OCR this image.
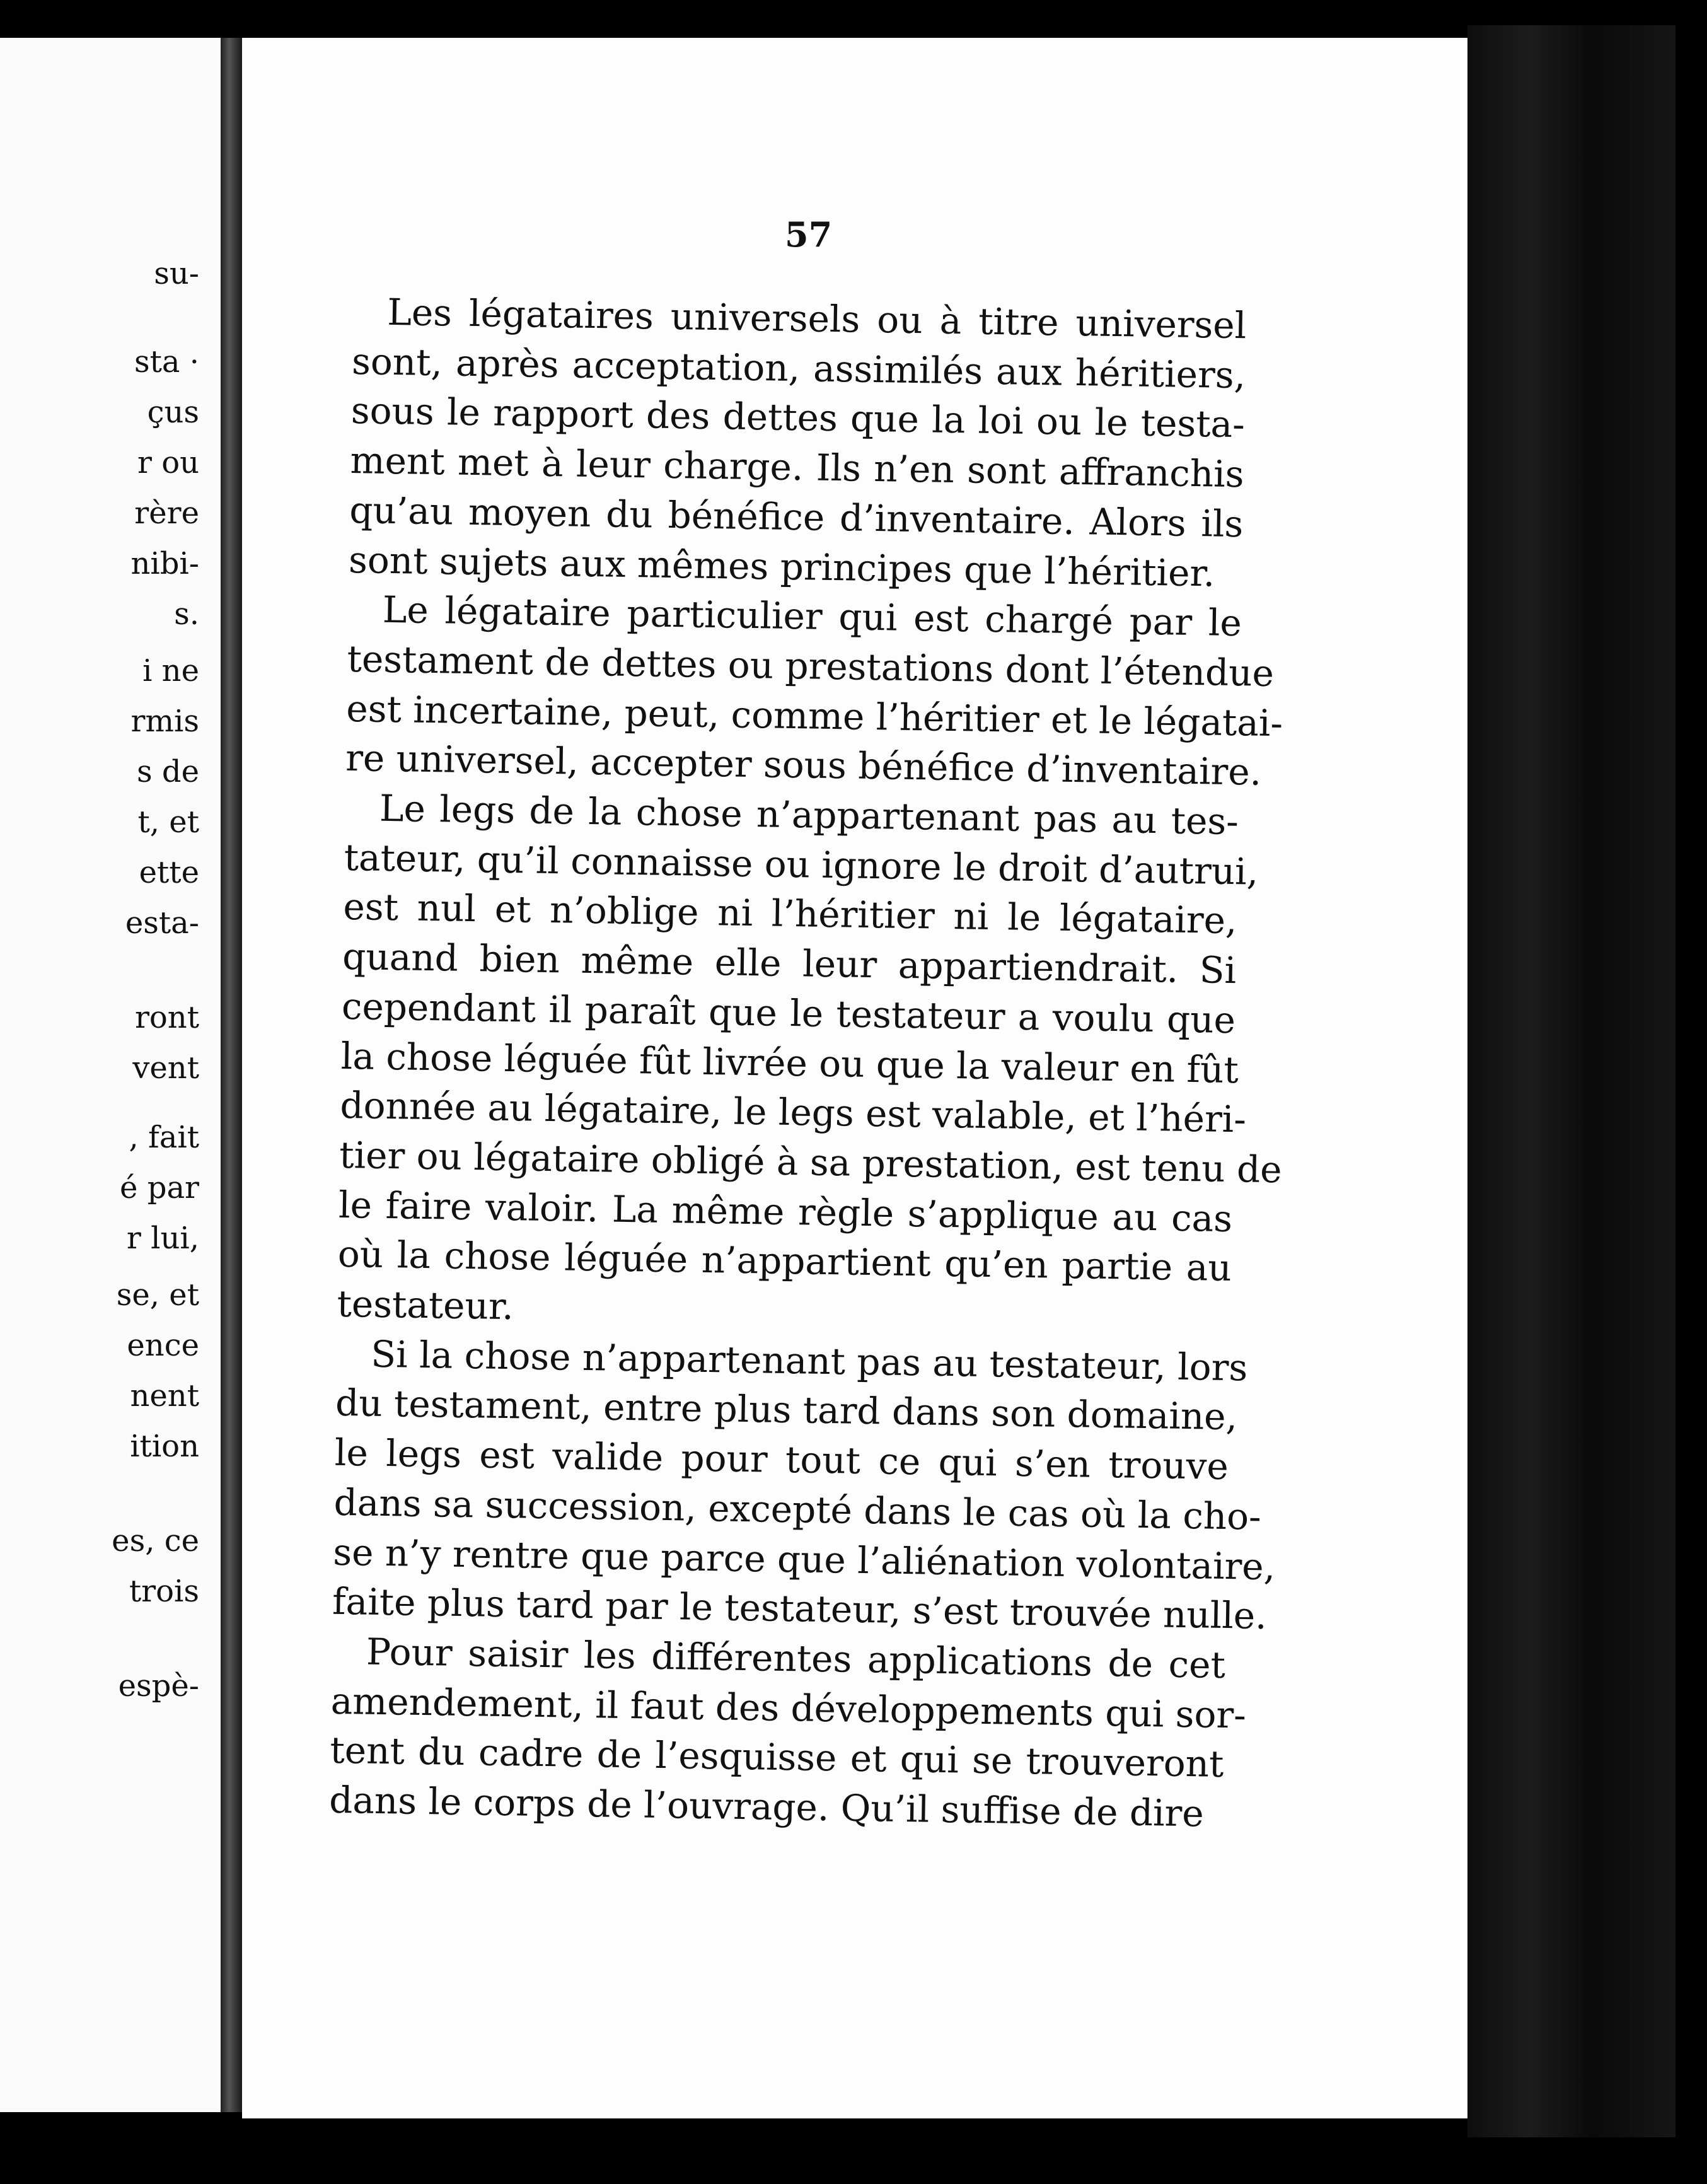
su-
sta ·
çus
r ou
rère
nibi-
s.
i ne
rmis
s de
t, et
ette
esta-
ront
vent
, fait
é par
r lui,
se, et
ence
nent
ition
es, ce
trois
espè-
57
Les légataires universels ou à titre universel
sont, après acceptation, assimilés aux héritiers,
sous le rapport des dettes que la loi ou le testa-
ment met à leur charge. Ils n’en sont affranchis
qu’au moyen du bénéfice d’inventaire. Alors ils
sont sujets aux mêmes principes que l’héritier.
Le légataire particulier qui est chargé par le
testament de dettes ou prestations dont l’étendue
est incertaine, peut, comme l’héritier et le légatai-
re universel, accepter sous bénéfice d’inventaire.
Le legs de la chose n’appartenant pas au tes-
tateur, qu’il connaisse ou ignore le droit d’autrui,
est nul et n’oblige ni l’héritier ni le légataire,
quand bien même elle leur appartiendrait. Si
cependant il paraît que le testateur a voulu que
la chose léguée fût livrée ou que la valeur en fût
donnée au légataire, le legs est valable, et l’héri-
tier ou légataire obligé à sa prestation, est tenu de
le faire valoir. La même règle s’applique au cas
où la chose léguée n’appartient qu’en partie au
testateur.
Si la chose n’appartenant pas au testateur, lors
du testament, entre plus tard dans son domaine,
le legs est valide pour tout ce qui s’en trouve
dans sa succession, excepté dans le cas où la cho-
se n’y rentre que parce que l’aliénation volontaire,
faite plus tard par le testateur, s’est trouvée nulle.
Pour saisir les différentes applications de cet
amendement, il faut des développements qui sor-
tent du cadre de l’esquisse et qui se trouveront
dans le corps de l’ouvrage. Qu’il suffise de dire
